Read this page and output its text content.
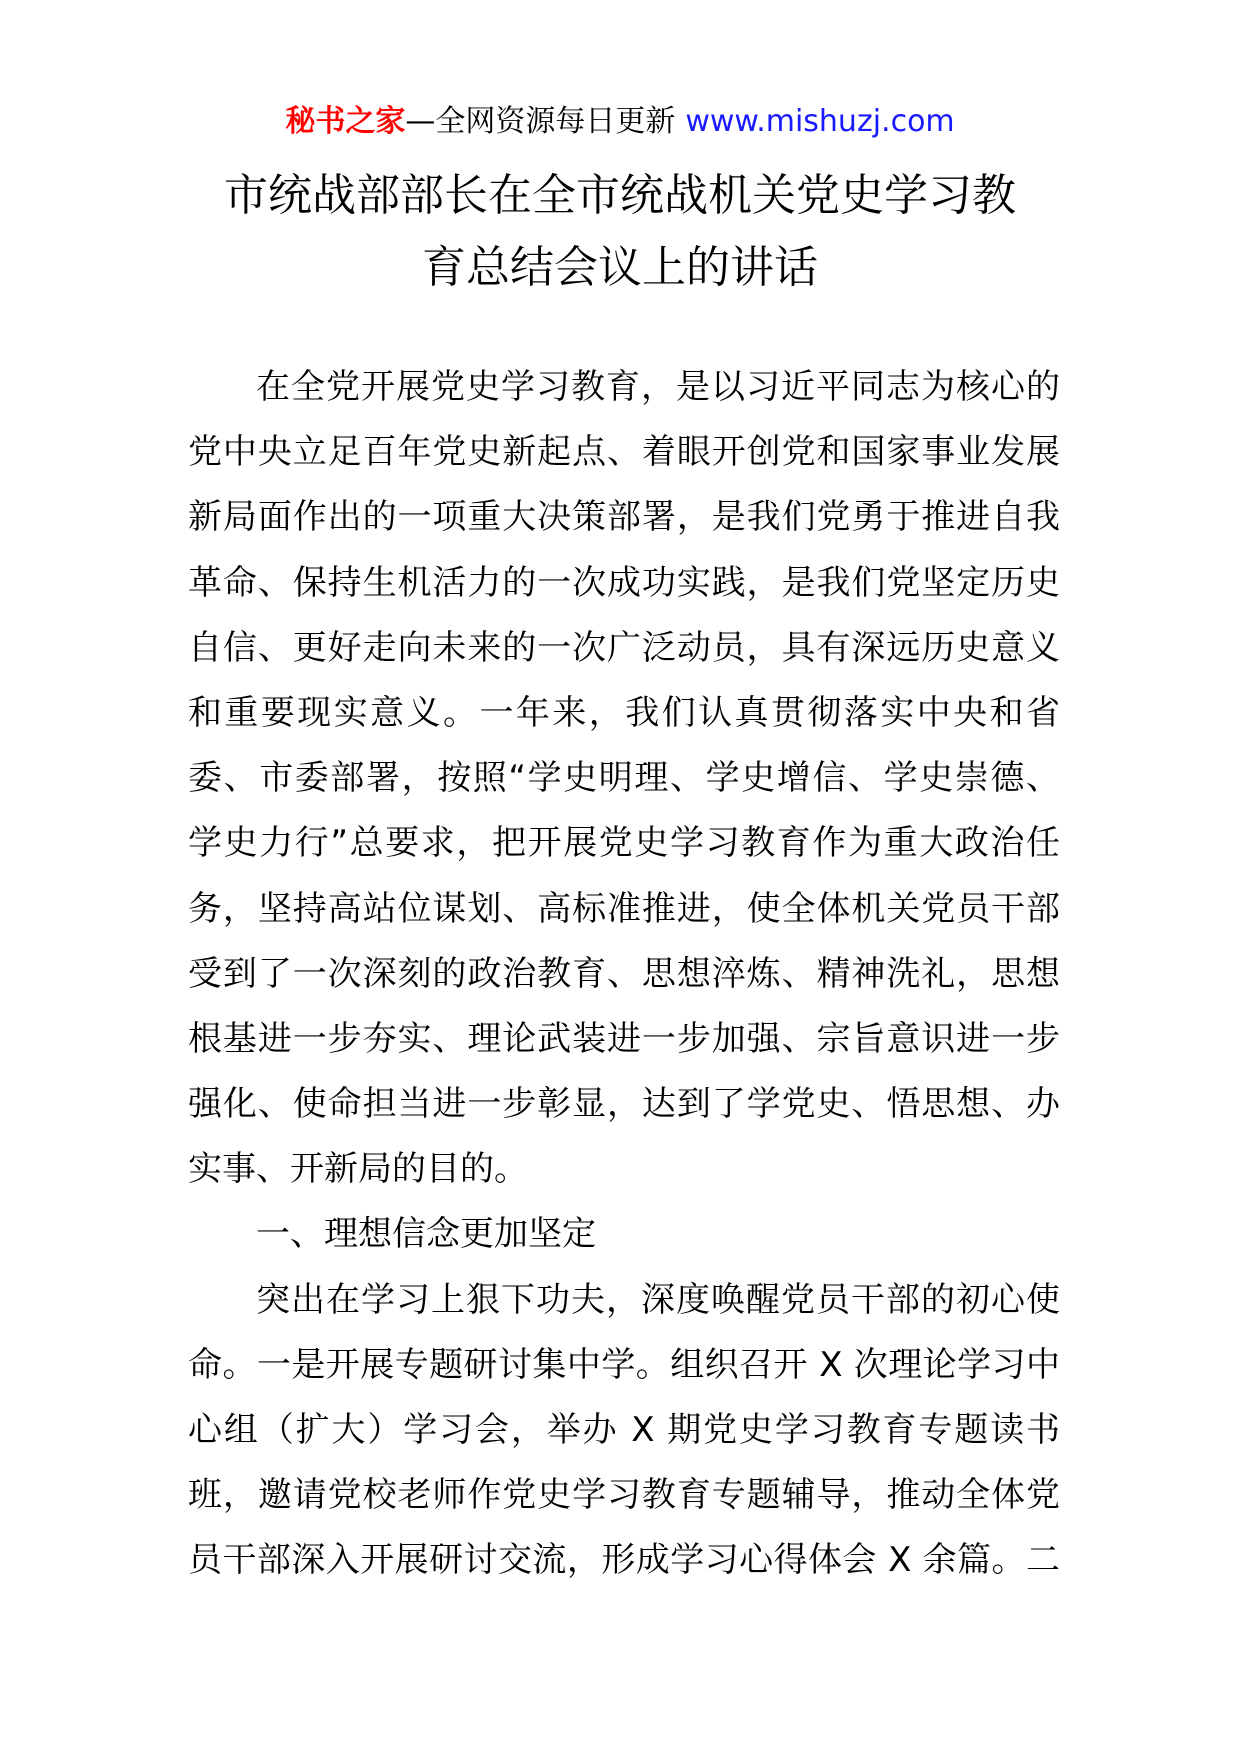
秘书之家—全网资源每日更新 www.mishuzj.com
市统战部部长在全市统战机关党史学习教
育总结会议上的讲话
在全党开展党史学习教育，是以习近平同志为核心的
党中央立足百年党史新起点、着眼开创党和国家事业发展
新局面作出的一项重大决策部署，是我们党勇于推进自我
革命、保持生机活力的一次成功实践，是我们党坚定历史
自信、更好走向未来的一次广泛动员，具有深远历史意义
和重要现实意义。一年来，我们认真贯彻落实中央和省
委、市委部署，按照“学史明理、学史增信、学史崇德、
学史力行”总要求，把开展党史学习教育作为重大政治任
务，坚持高站位谋划、高标准推进，使全体机关党员干部
受到了一次深刻的政治教育、思想淬炼、精神洗礼，思想
根基进一步夯实、理论武装进一步加强、宗旨意识进一步
强化、使命担当进一步彰显，达到了学党史、悟思想、办
实事、开新局的目的。
一、理想信念更加坚定
突出在学习上狠下功夫，深度唤醒党员干部的初心使
命。一是开展专题研讨集中学。组织召开 X 次理论学习中
心组（扩大）学习会，举办 X 期党史学习教育专题读书
班，邀请党校老师作党史学习教育专题辅导，推动全体党
员干部深入开展研讨交流，形成学习心得体会 X 余篇。二
